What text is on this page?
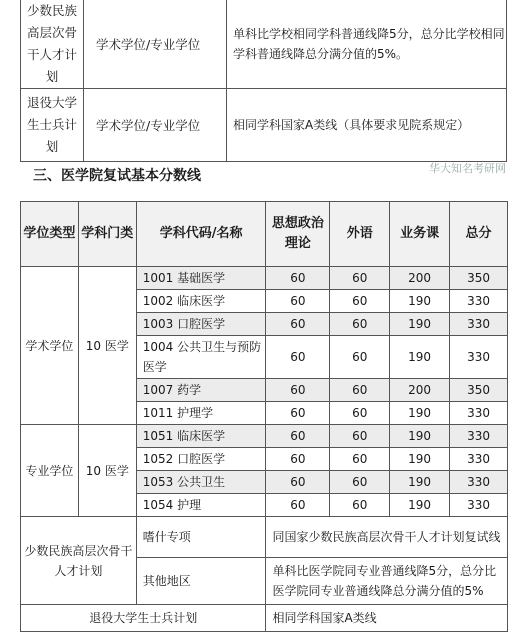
少数民族高层次骨干人才计划	学术学位/专业学位	单科比学校相同学科普通线降5分，总分比学校相同学科普通线降总分满分值的5%。
退役大学生士兵计划	学术学位/专业学位	相同学科国家A类线（具体要求见院系规定）
三、医学院复试基本分数线	华大知名考研网
学位类型	学科门类	学科代码/名称	思想政治理论	外语	业务课	总分
学术学位	10 医学	1001 基础医学	60	60	200	350
		1002 临床医学	60	60	190	330
		1003 口腔医学	60	60	190	330
		1004 公共卫生与预防医学	60	60	190	330
		1007 药学	60	60	200	350
		1011 护理学	60	60	190	330
专业学位	10 医学	1051 临床医学	60	60	190	330
		1052 口腔医学	60	60	190	330
		1053 公共卫生	60	60	190	330
		1054 护理	60	60	190	330
少数民族高层次骨干人才计划		嗜什专项	同国家少数民族高层次骨干人才计划复试线			
		其他地区	单科比医学院同专业普通线降5分，总分比医学院同专业普通线降总分满分值的5%			
退役大学生士兵计划			相同学科国家A类线			
